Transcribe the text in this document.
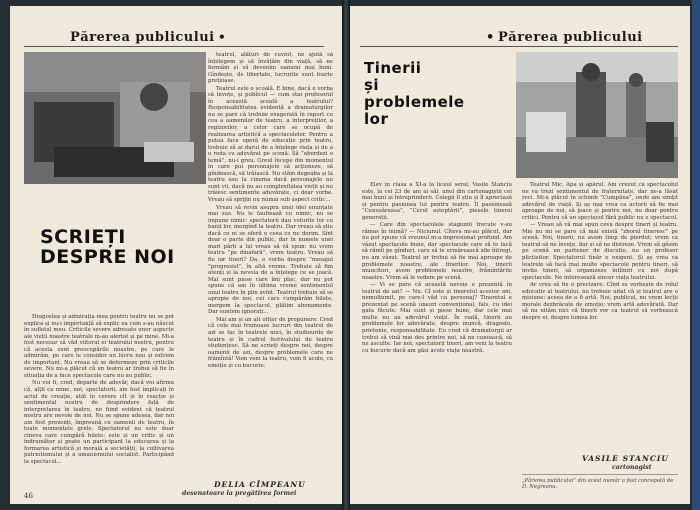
Părerea publicului •
SCRIEȚI
DESPRE NOI

Dragostea și admirația mea pentru teatru nu se pot explica și nu-i importanță să explic ea cum s-au născut în sufletul meu. Criticile severe adresate unor aspecte ale vieții noastre teatrale m-au alertat și pe mine. Mi-a fost necesar să văd viitorul ei teatrului nostru, pentru că acesta sunt preocupările noastre, pe care le admirăm, pe care le consider un lucru nou și extrem de important. Nu vreau să se deformeze prin criticile severe. Nu mi-a plăcut că un teatru ar trebui să fie în situația de a face spectacole care nu au public.

Nu voi fi, cred, departe de adevăr, dacă voi afirma că, alții ca mine, noi, spectatorii, am fost implicați în actul de creație, atât în cerere cît și în reacție și sentimentul nostru de desprindere față de interpretarea în teatru, ne fiind evident că teatrul nostru are nevoie de noi. Nu se spune adesea, dar noi am fost prezenți, împreună cu oamenii de teatru, în toate momentele grele. Spectatorul nu este doar cineva care cumpără bilete: este și un critic și un îndrumător și poate un participant la educarea și la formarea artistică și morală a societății, la cultivarea patriotismului și a umanismului socialist. Participând la spectacol...

teatrul, alături de cuvînt, ne ajută să înțelegem și să învățăm din viață, să ne formăm și să devenim oameni mai buni. Gîndește, de libertate, lucrurile sunt foarte prețioase.

Teatrul este o școală. E bine, dacă e vorba să învețe, și publicul — cum stai profesorul în această școală a teatrului? Responsabilitatea evidentă a dramaturgilor nu se pare că trebuie exagerată în raport cu cea a oamenilor de teatru, a interpreților, a regizorilor, a celor care se ocupă de realizarea artistică a spectacolelor. Pentru a putea face operă de educație prin teatru, trebuie să ai darul de a înțelege viața și de a o reda cu adevărat pe scenă. Să ”abordezi o temă”, nu-i greu. Greul începe din momentul în care pui personajele să acționeze, să gîndească, să trăiască. Nu stăm degeaba și la teatru sau la cinema dacă personajele nu sunt vii, dacă nu au complexitatea vieții și nu trăiesc sentimente adevărate, ci doar vorbe. Vreau să sprijin nu numai sub aspect critic...

Vreau să revin asupra unei idei enunțate mai sus. Nu le faultează cu nimic, nu se impune nimic: spectatorii dau voturile lor cu banii lor, mergînd la teatru. Dar vreau să știu dacă ce ni se oferă e ceea ce ne dorim. Sînt doar o parte din public, dar în numele unei mari părți a lui vreau să vă spun: nu vrem teatru ”pe dinafară”, vrem teatru. Vreau să fie iar tineri? Da, e vorba despre ”mesajul ”progresist”, în altă vreme. Trebuie să fim atenți și la nevoia de a înțelege ce se joacă. Mai sunt piese care îmi plac, dar nu pot spune că am în ultima vreme sentimentul unui teatru în plin avînt. Teatrul trebuie să se apropie de noi, cei care cumpărăm bilete, mergem la spectacol, plătim abonamente. Dar suntem ignorați...

Mai am și un alt ofițer de propunere: Cred că cele mai frumoase lucruri din teatrul de azi se fac în teatrele mici, în studiourile de teatru și în cadrul festivalului de teatru studențesc. Să ne scrieți despre noi, despre oamenii de azi, despre problemele care ne frămîntă! Vom veni la teatru, vom fi acolo, cu emoție și cu bucurie.

DELIA CÎMPEANU
desenatoare la pregătirea formei
46
• Părerea publicului
Tinerii
și
problemele
lor

Elev în clasa a XI-a la liceul seral, Vasile Stanciu este, la cei 23 de ani ai săi, unul din cartonagiștii cei mai buni ai întreprinderii. Colegii îl știu și îl apreciază și pentru pasiunea lui pentru teatru. Îl pasionează ”Cenușăreasa”, ”Cerul așteptării”, piesele tinerei generații.

— Care din spectacolele stagiunii trecute v-au rămas în inimă? — Niciunul. Cîteva mi-au plăcut, dar nu pot spune că vreunul m-a impresionat profund. Am văzut spectacole bune, dar spectacole care să te facă să rămîi pe gînduri, care să te urmărească zile întregi, nu am văzut. Teatrul ar trebui să fie mai aproape de problemele noastre, ale tinerilor. Noi, tinerii muncitori, avem problemele noastre, frămîntările noastre. Vrem să le vedem pe scenă.

— Vi se pare că această nevoie e prezentă în teatrul de azi? — Nu. Cî este și tineretul acestor ani, nemulțumit, pe care-l văd ca personaj? Tineretul e prezentat pe scenă uneori convențional, fals, cu idei gata făcute. Mai sunt și piese bune, dar cele mai multe nu au adevărul vieții. În viață, tinerii au problemele lor adevărate, despre muncă, dragoste, prietenie, responsabilitate. Eu cred că dramaturgii ar trebui să vină mai des printre noi, să ne cunoască, să ne asculte. Iar noi, spectatorii tineri, am veni la teatru cu bucurie dacă am găsi acolo viața noastră.

Teatrul Mic, Apa și apărul. Am crezut că spectacolul ne va trezi sentimentul de fraternitate, dar ne-a lăsat reci. Mi-a plăcut în schimb ”Cumpăna”, unde am simțit adevărul de viață. Și aș mai vrea ca actorii să fie mai aproape de noi, să joace și pentru noi, nu doar pentru critici. Pentru că un spectacol fără public nu e spectacol.

— Vreau să vă mai spun ceva despre tineri și teatru. Mie nu mi se pare că mai există ”zborul tineresc” pe scenă. Noi, tinerii, nu avem timp de pierdut; vrem ca teatrul să ne învețe, dar și să ne distreze. Vrem să găsim pe scenă un partener de discuție, nu un profesor plictisitor. Spectatorul tînăr e exigent. Și aș vrea ca teatrele să facă mai multe spectacole pentru tineri, să invite tineri, să organizeze întîlniri cu noi după spectacole. Ne interesează sincer viața teatrului.

Ar vrea să fie o precizare. Cînd se vorbește de rolul educativ al teatrului, nu trebuie uitat că și teatrul are o misiune: aceea de a fi artă. Noi, publicul, nu vrem lecții morale dezbrăcate de emoție; vrem artă adevărată. Dar să nu uităm nici că tinerii vor ca teatrul să vorbească despre ei, despre lumea lor.

VASILE STANCIU
cartonagist
„Părerea publicului” din acest număr a fost concepută de D. Negreanu.
